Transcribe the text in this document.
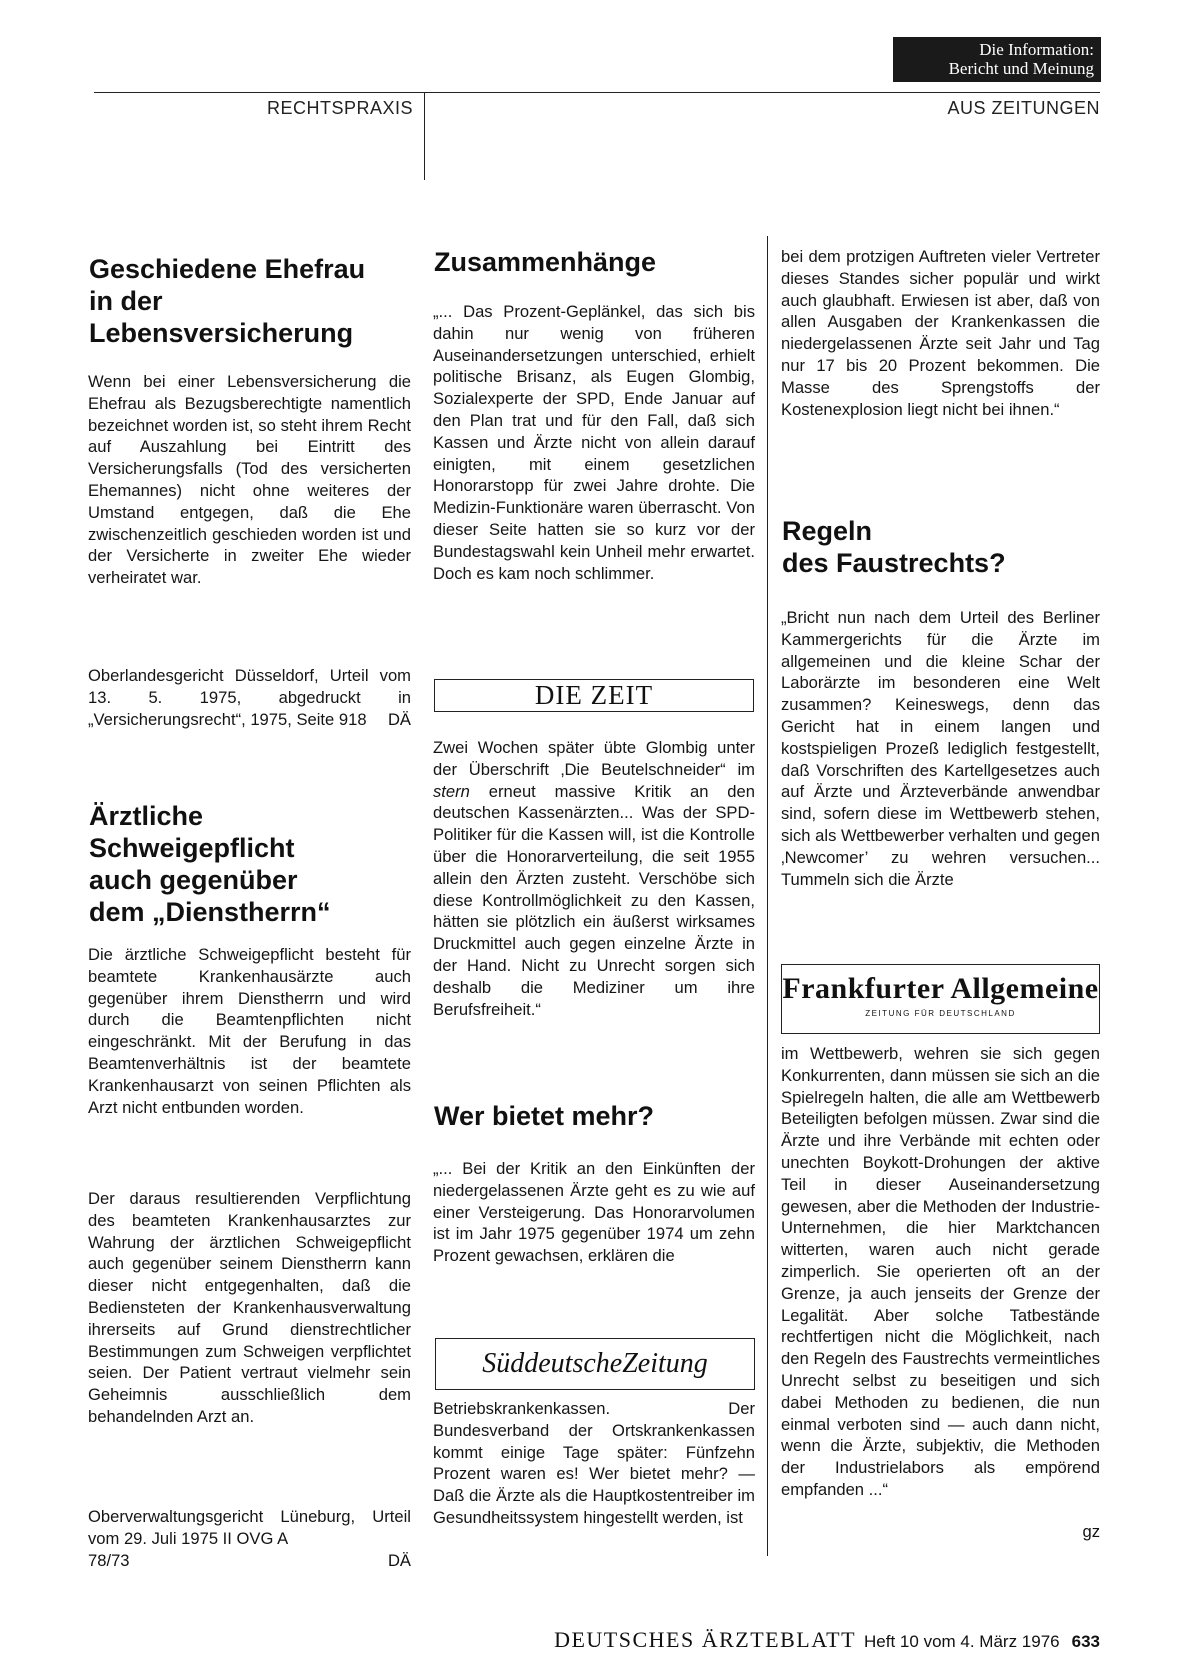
Die Information:
Bericht und Meinung
RECHTSPRAXIS	AUS ZEITUNGEN
Geschiedene Ehefrau
in der
Lebensversicherung

Wenn bei einer Lebensversicherung die Ehefrau als Bezugsberechtigte namentlich bezeichnet worden ist, so steht ihrem Recht auf Auszahlung bei Eintritt des Versicherungsfalls (Tod des versicherten Ehemannes) nicht ohne weiteres der Umstand entgegen, daß die Ehe zwischenzeitlich geschieden worden ist und der Versicherte in zweiter Ehe wieder verheiratet war.

Oberlandesgericht Düsseldorf, Urteil vom 13. 5. 1975, abgedruckt in „Versicherungsrecht“, 1975, Seite 918	DÄ
Ärztliche
Schweigepflicht
auch gegenüber
dem „Dienstherrn“

Die ärztliche Schweigepflicht besteht für beamtete Krankenhausärzte auch gegenüber ihrem Dienstherrn und wird durch die Beamtenpflichten nicht eingeschränkt. Mit der Berufung in das Beamtenverhältnis ist der beamtete Krankenhausarzt von seinen Pflichten als Arzt nicht entbunden worden.

Der daraus resultierenden Verpflichtung des beamteten Krankenhausarztes zur Wahrung der ärztlichen Schweigepflicht auch gegenüber seinem Dienstherrn kann dieser nicht entgegenhalten, daß die Bediensteten der Krankenhausverwaltung ihrerseits auf Grund dienstrechtlicher Bestimmungen zum Schweigen verpflichtet seien. Der Patient vertraut vielmehr sein Geheimnis ausschließlich dem behandelnden Arzt an.

Oberverwaltungsgericht Lüneburg, Urteil vom 29. Juli 1975 II OVG A

78/73	DÄ
Zusammenhänge

„... Das Prozent-Geplänkel, das sich bis dahin nur wenig von früheren Auseinandersetzungen unterschied, erhielt politische Brisanz, als Eugen Glombig, Sozialexperte der SPD, Ende Januar auf den Plan trat und für den Fall, daß sich Kassen und Ärzte nicht von allein darauf einigten, mit einem gesetzlichen Honorarstopp für zwei Jahre drohte. Die Medizin-Funktionäre waren überrascht. Von dieser Seite hatten sie so kurz vor der Bundestagswahl kein Unheil mehr erwartet. Doch es kam noch schlimmer.

DIE ZEIT

Zwei Wochen später übte Glombig unter der Überschrift ‚Die Beutelschneider“ im stern erneut massive Kritik an den deutschen Kassenärzten... Was der SPD-Politiker für die Kassen will, ist die Kontrolle über die Honorarverteilung, die seit 1955 allein den Ärzten zusteht. Verschöbe sich diese Kontrollmöglichkeit zu den Kassen, hätten sie plötzlich ein äußerst wirksames Druckmittel auch gegen einzelne Ärzte in der Hand. Nicht zu Unrecht sorgen sich deshalb die Mediziner um ihre Berufsfreiheit.“

Wer bietet mehr?

„... Bei der Kritik an den Einkünften der niedergelassenen Ärzte geht es zu wie auf einer Versteigerung. Das Honorarvolumen ist im Jahr 1975 gegenüber 1974 um zehn Prozent gewachsen, erklären die

SüddeutscheZeitung

Betriebskrankenkassen. Der Bundesverband der Ortskrankenkassen kommt einige Tage später: Fünfzehn Prozent waren es! Wer bietet mehr? — Daß die Ärzte als die Hauptkostentreiber im Gesundheitssystem hingestellt werden, ist

bei dem protzigen Auftreten vieler Vertreter dieses Standes sicher populär und wirkt auch glaubhaft. Erwiesen ist aber, daß von allen Ausgaben der Krankenkassen die niedergelassenen Ärzte seit Jahr und Tag nur 17 bis 20 Prozent bekommen. Die Masse des Sprengstoffs der Kostenexplosion liegt nicht bei ihnen.“

Regeln
des Faustrechts?

„Bricht nun nach dem Urteil des Berliner Kammergerichts für die Ärzte im allgemeinen und die kleine Schar der Laborärzte im besonderen eine Welt zusammen? Keineswegs, denn das Gericht hat in einem langen und kostspieligen Prozeß lediglich festgestellt, daß Vorschriften des Kartellgesetzes auch auf Ärzte und Ärzteverbände anwendbar sind, sofern diese im Wettbewerb stehen, sich als Wettbewerber verhalten und gegen ‚Newcomer’ zu wehren versuchen... Tummeln sich die Ärzte

Frankfurter Allgemeine
ZEITUNG FÜR DEUTSCHLAND

im Wettbewerb, wehren sie sich gegen Konkurrenten, dann müssen sie sich an die Spielregeln halten, die alle am Wettbewerb Beteiligten befolgen müssen. Zwar sind die Ärzte und ihre Verbände mit echten oder unechten Boykott-Drohungen der aktive Teil in dieser Auseinandersetzung gewesen, aber die Methoden der Industrie-Unternehmen, die hier Marktchancen witterten, waren auch nicht gerade zimperlich. Sie operierten oft an der Grenze, ja auch jenseits der Grenze der Legalität. Aber solche Tatbestände rechtfertigen nicht die Möglichkeit, nach den Regeln des Faustrechts vermeintliches Unrecht selbst zu beseitigen und sich dabei Methoden zu bedienen, die nun einmal verboten sind — auch dann nicht, wenn die Ärzte, subjektiv, die Methoden der Industrielabors als empörend empfanden ...“

gz
DEUTSCHES ÄRZTEBLATT Heft 10 vom 4. März 1976 633
